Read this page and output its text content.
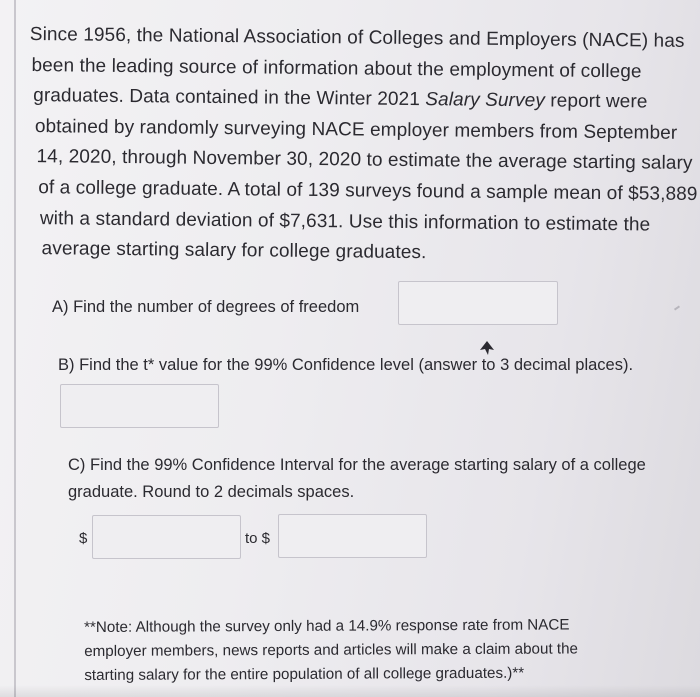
Since 1956, the National Association of Colleges and Employers (NACE) has
been the leading source of information about the employment of college
graduates. Data contained in the Winter 2021 Salary Survey report were
obtained by randomly surveying NACE employer members from September
14, 2020, through November 30, 2020 to estimate the average starting salary
of a college graduate. A total of 139 surveys found a sample mean of $53,889
with a standard deviation of $7,631. Use this information to estimate the
average starting salary for college graduates.
A) Find the number of degrees of freedom
B) Find the t* value for the 99% Confidence level (answer to 3 decimal places).
C) Find the 99% Confidence Interval for the average starting salary of a college
graduate. Round to 2 decimals spaces.
$	to $
**Note: Although the survey only had a 14.9% response rate from NACE
employer members, news reports and articles will make a claim about the
starting salary for the entire population of all college graduates.)**
